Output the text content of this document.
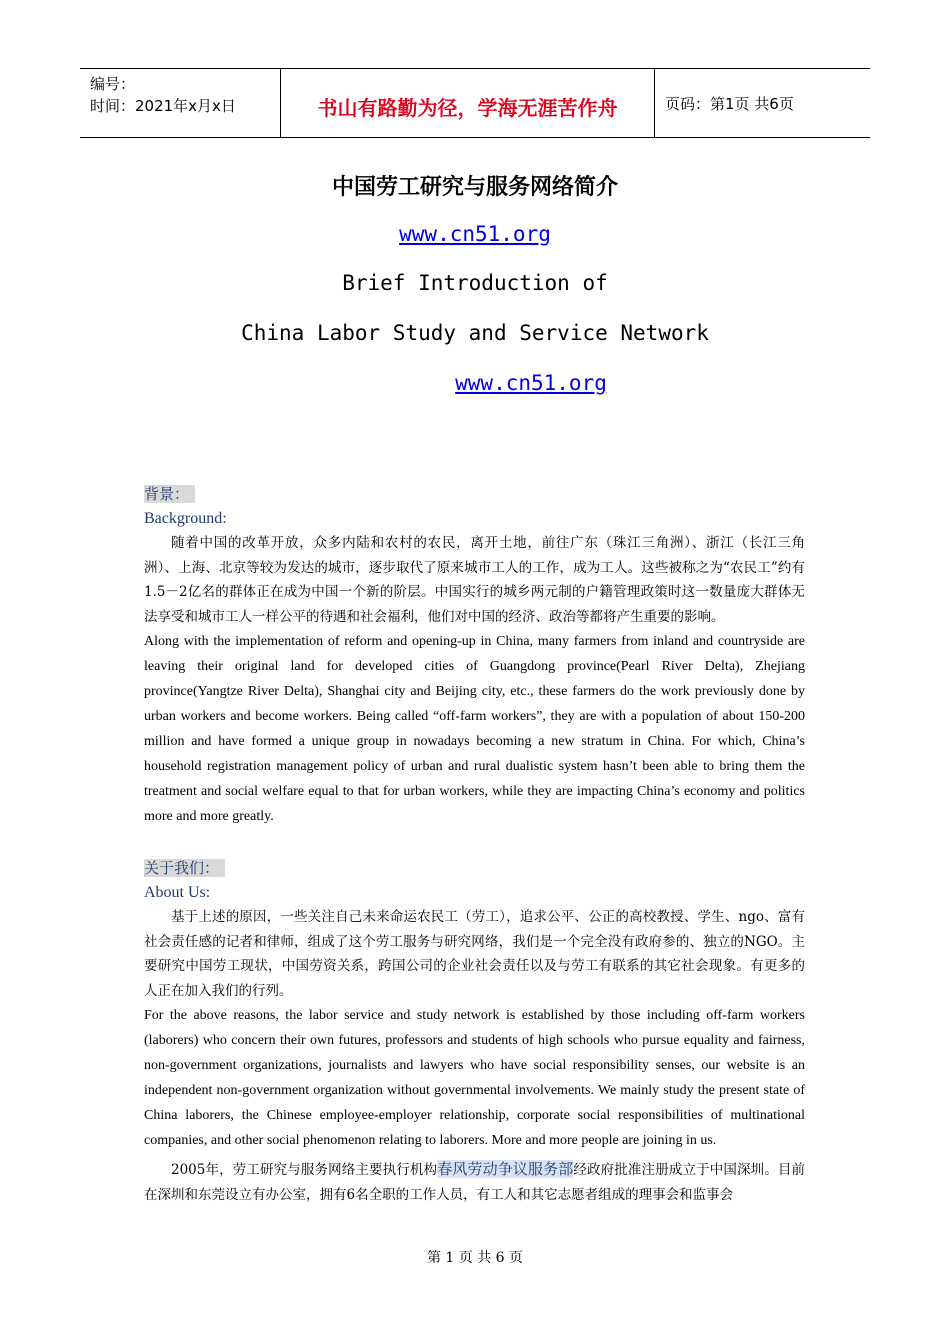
编号：
时间：2021年x月x日	书山有路勤为径，学海无涯苦作舟	页码：第1页 共6页
中国劳工研究与服务网络简介
www.cn51.org
Brief Introduction of
China Labor Study and Service Network
www.cn51.org
背景：
Background:

随着中国的改革开放，众多内陆和农村的农民，离开土地，前往广东（珠江三角洲）、浙江（长江三角洲）、上海、北京等较为发达的城市，逐步取代了原来城市工人的工作，成为工人。这些被称之为“农民工”约有1.5－2亿名的群体正在成为中国一个新的阶层。中国实行的城乡两元制的户籍管理政策时这一数量庞大群体无法享受和城市工人一样公平的待遇和社会福利，他们对中国的经济、政治等都将产生重要的影响。

Along with the implementation of reform and opening-up in China, many farmers from inland and countryside are leaving their original land for developed cities of Guangdong province(Pearl River Delta), Zhejiang province(Yangtze River Delta), Shanghai city and Beijing city, etc., these farmers do the work previously done by urban workers and become workers. Being called “off-farm workers”, they are with a population of about 150-200 million and have formed a unique group in nowadays becoming a new stratum in China. For which, China’s household registration management policy of urban and rural dualistic system hasn’t been able to bring them the treatment and social welfare equal to that for urban workers, while they are impacting China’s economy and politics more and more greatly.

关于我们：
About Us:

基于上述的原因，一些关注自己未来命运农民工（劳工），追求公平、公正的高校教授、学生、ngo、富有社会责任感的记者和律师，组成了这个劳工服务与研究网络，我们是一个完全没有政府参的、独立的NGO。主要研究中国劳工现状，中国劳资关系，跨国公司的企业社会责任以及与劳工有联系的其它社会现象。有更多的人正在加入我们的行列。

For the above reasons, the labor service and study network is established by those including off-farm workers (laborers) who concern their own futures, professors and students of high schools who pursue equality and fairness, non-government organizations, journalists and lawyers who have social responsibility senses, our website is an independent non-government organization without governmental involvements. We mainly study the present state of China laborers, the Chinese employee-employer relationship, corporate social responsibilities of multinational companies, and other social phenomenon relating to laborers. More and more people are joining in us.

2005年，劳工研究与服务网络主要执行机构春风劳动争议服务部经政府批准注册成立于中国深圳。目前在深圳和东莞设立有办公室，拥有6名全职的工作人员，有工人和其它志愿者组成的理事会和监事会

第 1 页 共 6 页
